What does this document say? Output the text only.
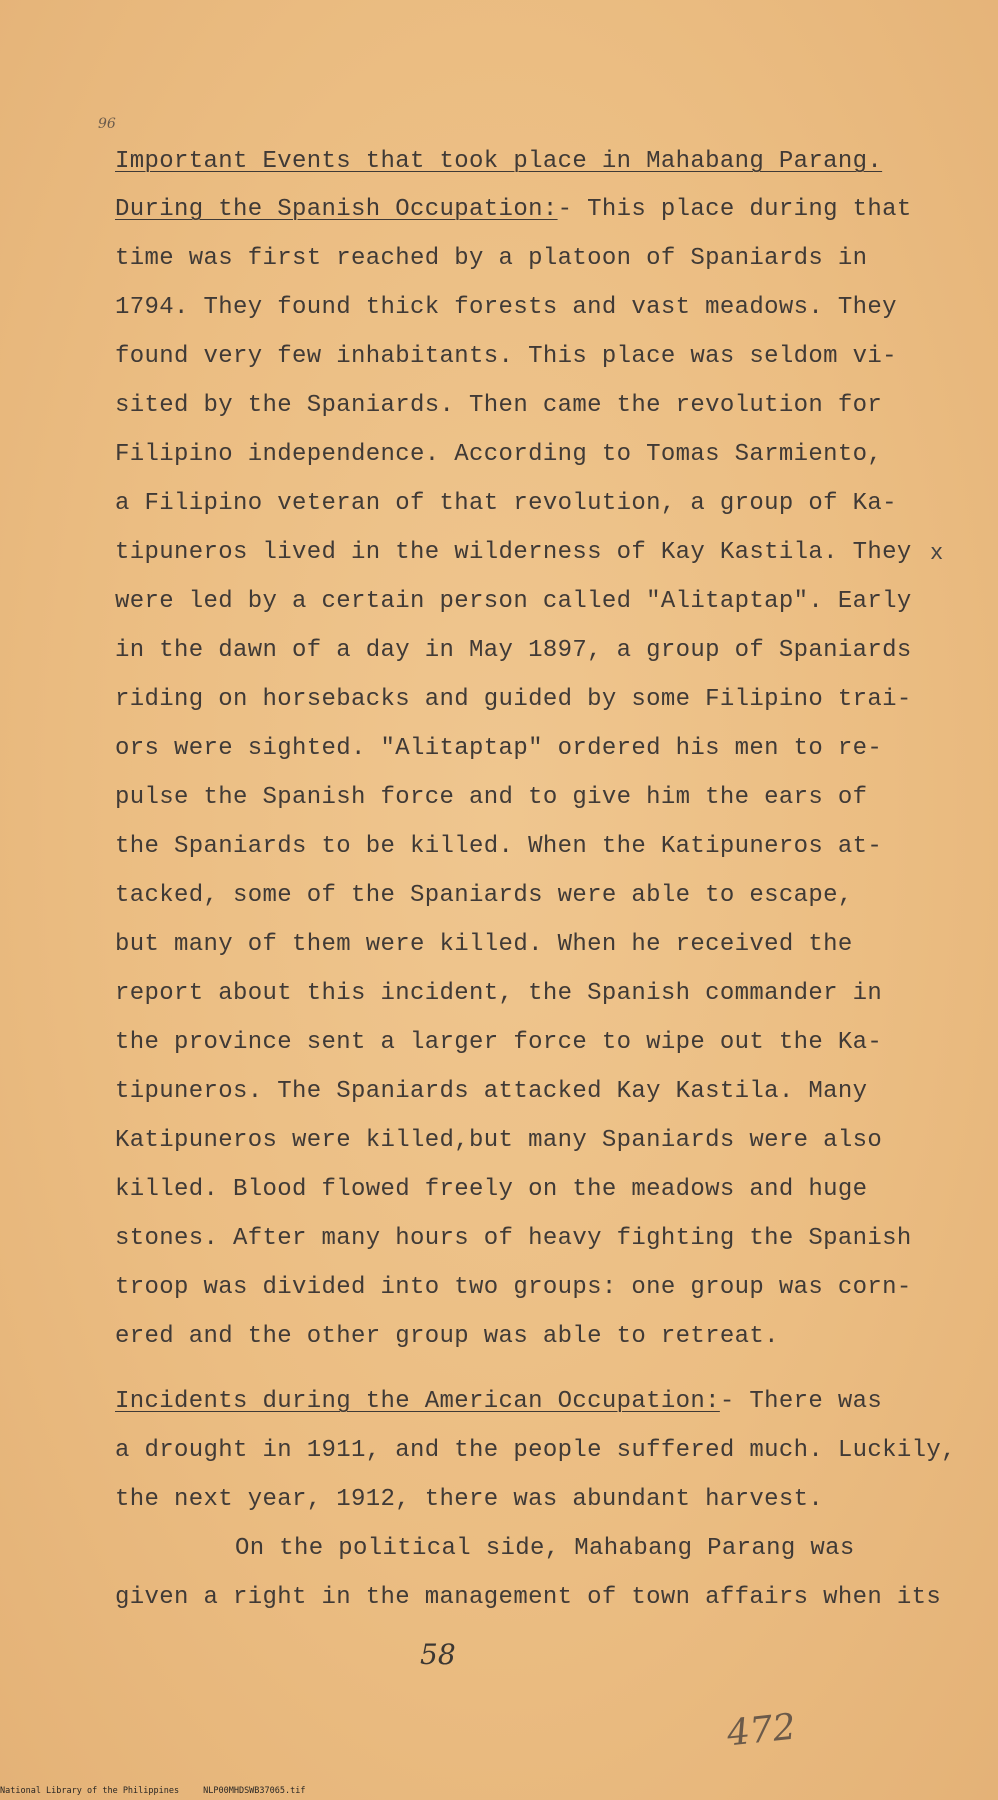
96
Important Events that took place in Mahabang Parang.
During the Spanish Occupation:- This place during that
time was first reached by a platoon of Spaniards in
1794. They found thick forests and vast meadows. They
found very few inhabitants. This place was seldom vi-
sited by the Spaniards. Then came the revolution for
Filipino independence. According to Tomas Sarmiento,
a Filipino veteran of that revolution, a group of Ka-
tipuneros lived in the wilderness of Kay Kastila. They x
were led by a certain person called "Alitaptap". Early
in the dawn of a day in May 1897, a group of Spaniards
riding on horsebacks and guided by some Filipino trai-
ors were sighted. "Alitaptap" ordered his men to re-
pulse the Spanish force and to give him the ears of
the Spaniards to be killed. When the Katipuneros at-
tacked, some of the Spaniards were able to escape,
but many of them were killed. When he received the
report about this incident, the Spanish commander in
the province sent a larger force to wipe out the Ka-
tipuneros. The Spaniards attacked Kay Kastila. Many
Katipuneros were killed,but many Spaniards were also
killed. Blood flowed freely on the meadows and huge
stones. After many hours of heavy fighting the Spanish
troop was divided into two groups: one group was corn-
ered and the other group was able to retreat.
Incidents during the American Occupation:- There was
a drought in 1911, and the people suffered much. Luckily,
the next year, 1912, there was abundant harvest.
On the political side, Mahabang Parang was
given a right in the management of town affairs when its
58
472
National Library of the Philippines	NLP00MHDSWB37065.tif
